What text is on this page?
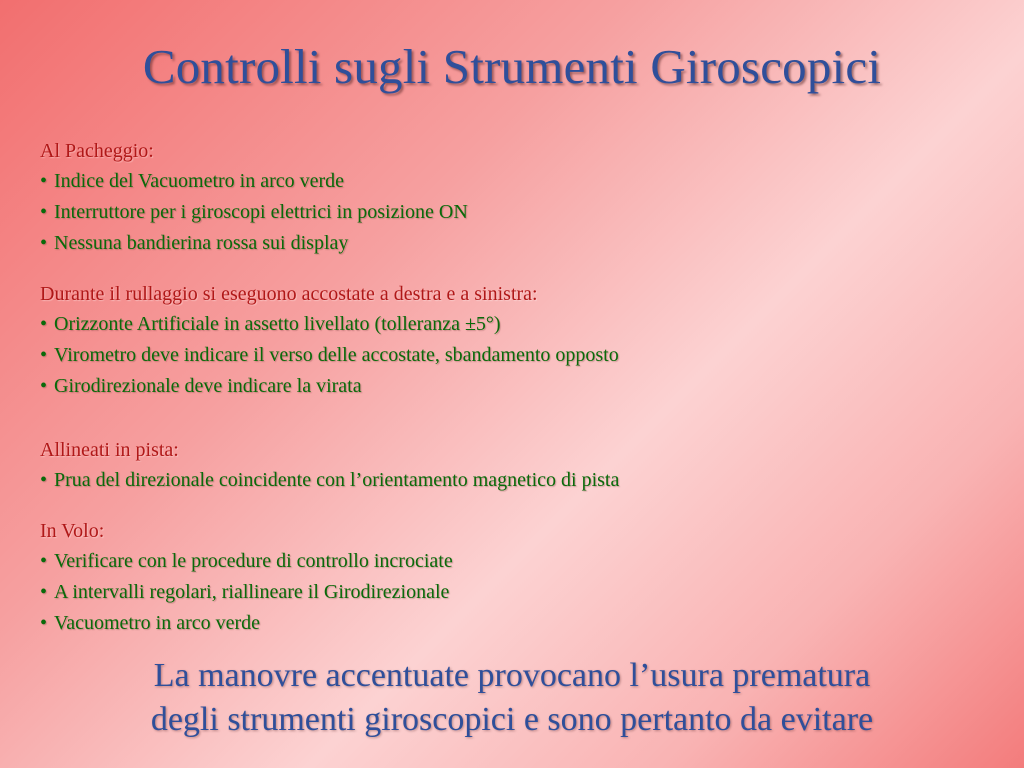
Controlli sugli Strumenti Giroscopici
Al Pacheggio:
• Indice del Vacuometro in arco verde
• Interruttore per i giroscopi elettrici in posizione ON
• Nessuna bandierina rossa sui display
Durante il rullaggio si eseguono accostate a destra e a sinistra:
• Orizzonte Artificiale in assetto livellato (tolleranza ±5°)
• Virometro deve indicare il verso delle accostate, sbandamento opposto
• Girodirezionale deve indicare la virata
Allineati in pista:
• Prua del direzionale coincidente con l’orientamento magnetico di pista
In Volo:
• Verificare con le procedure di controllo incrociate
• A intervalli regolari, riallineare il Girodirezionale
• Vacuometro in arco verde
La manovre accentuate provocano l’usura prematura
degli strumenti giroscopici e sono pertanto da evitare
